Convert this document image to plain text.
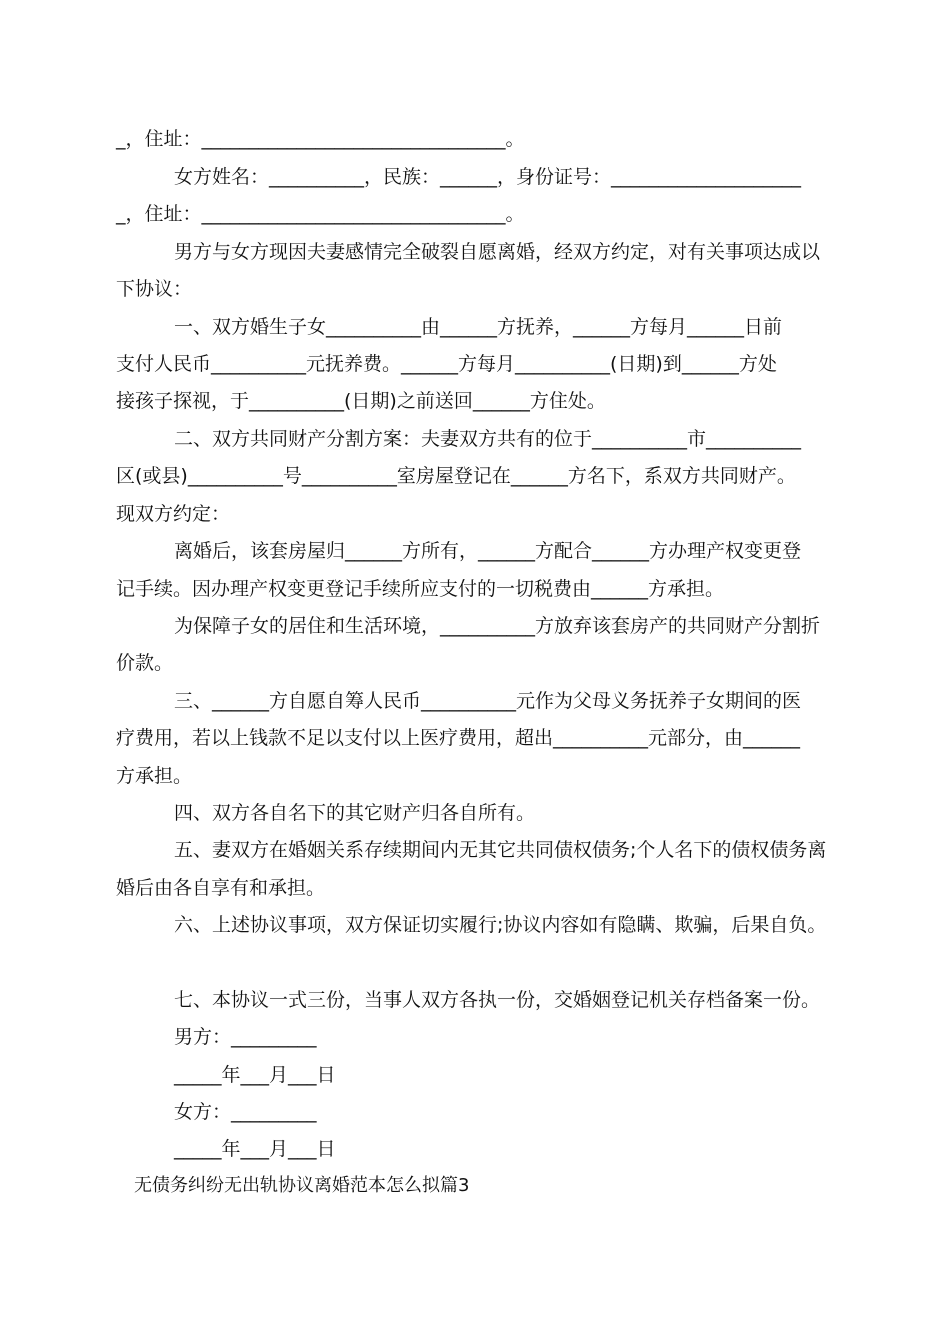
_，住址：________________________________。
女方姓名：__________，民族：______，身份证号：____________________
_，住址：________________________________。
男方与女方现因夫妻感情完全破裂自愿离婚，经双方约定，对有关事项达成以
下协议：
一、双方婚生子女__________由______方抚养，______方每月______日前
支付人民币__________元抚养费。______方每月__________(日期)到______方处
接孩子探视，于__________(日期)之前送回______方住处。
二、双方共同财产分割方案：夫妻双方共有的位于__________市__________
区(或县)__________号__________室房屋登记在______方名下，系双方共同财产。
现双方约定：
离婚后，该套房屋归______方所有，______方配合______方办理产权变更登
记手续。因办理产权变更登记手续所应支付的一切税费由______方承担。
为保障子女的居住和生活环境，__________方放弃该套房产的共同财产分割折
价款。
三、______方自愿自筹人民币__________元作为父母义务抚养子女期间的医
疗费用，若以上钱款不足以支付以上医疗费用，超出__________元部分，由______
方承担。
四、双方各自名下的其它财产归各自所有。
五、妻双方在婚姻关系存续期间内无其它共同债权债务;个人名下的债权债务离
婚后由各自享有和承担。
六、上述协议事项，双方保证切实履行;协议内容如有隐瞒、欺骗，后果自负。
七、本协议一式三份，当事人双方各执一份，交婚姻登记机关存档备案一份。
男方：_________
_____年___月___日
女方：_________
_____年___月___日
无债务纠纷无出轨协议离婚范本怎么拟篇3
